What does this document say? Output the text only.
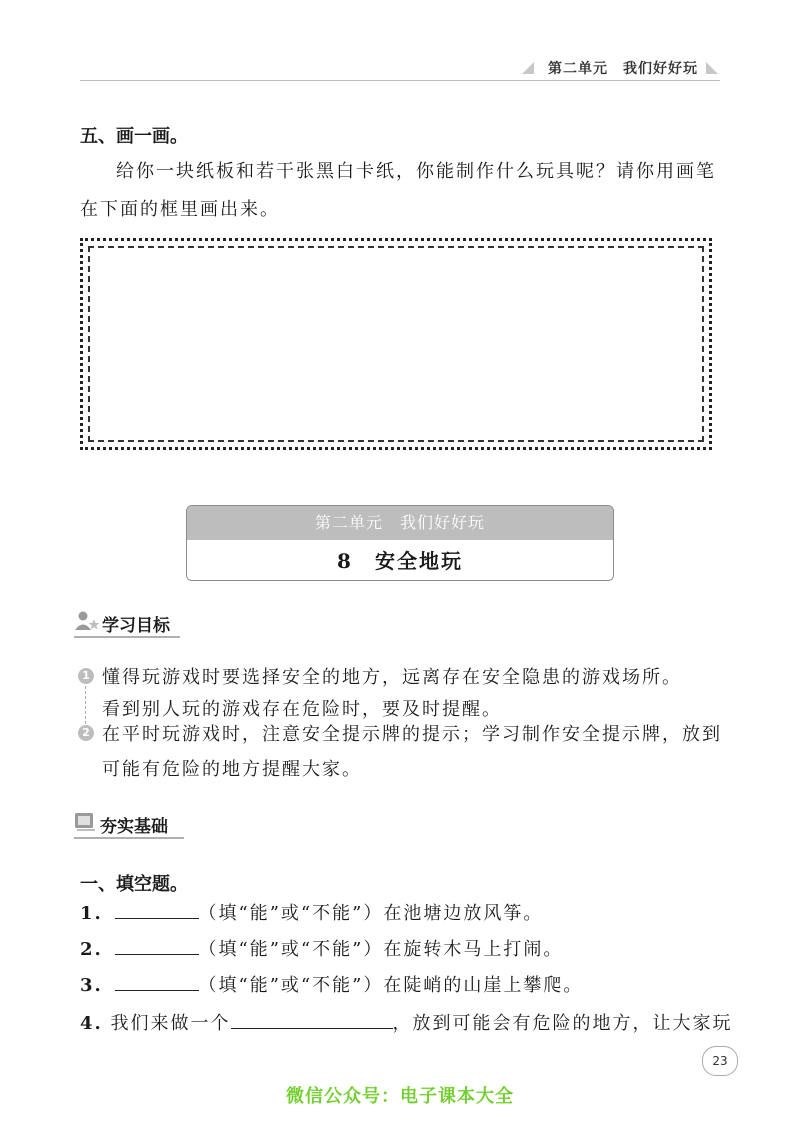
第二单元　我们好好玩
五、画一画。
给你一块纸板和若干张黑白卡纸，你能制作什么玩具呢？请你用画笔
在下面的框里画出来。
第二单元　我们好好玩
8　安全地玩
学习目标
1 懂得玩游戏时要选择安全的地方，远离存在安全隐患的游戏场所。
看到别人玩的游戏存在危险时，要及时提醒。
2 在平时玩游戏时，注意安全提示牌的提示；学习制作安全提示牌，放到
可能有危险的地方提醒大家。
夯实基础
一、填空题。
1.	（填“能”或“不能”）在池塘边放风筝。
2.	（填“能”或“不能”）在旋转木马上打闹。
3.	（填“能”或“不能”）在陡峭的山崖上攀爬。
4. 我们来做一个	，放到可能会有危险的地方，让大家玩
23
微信公众号：电子课本大全
